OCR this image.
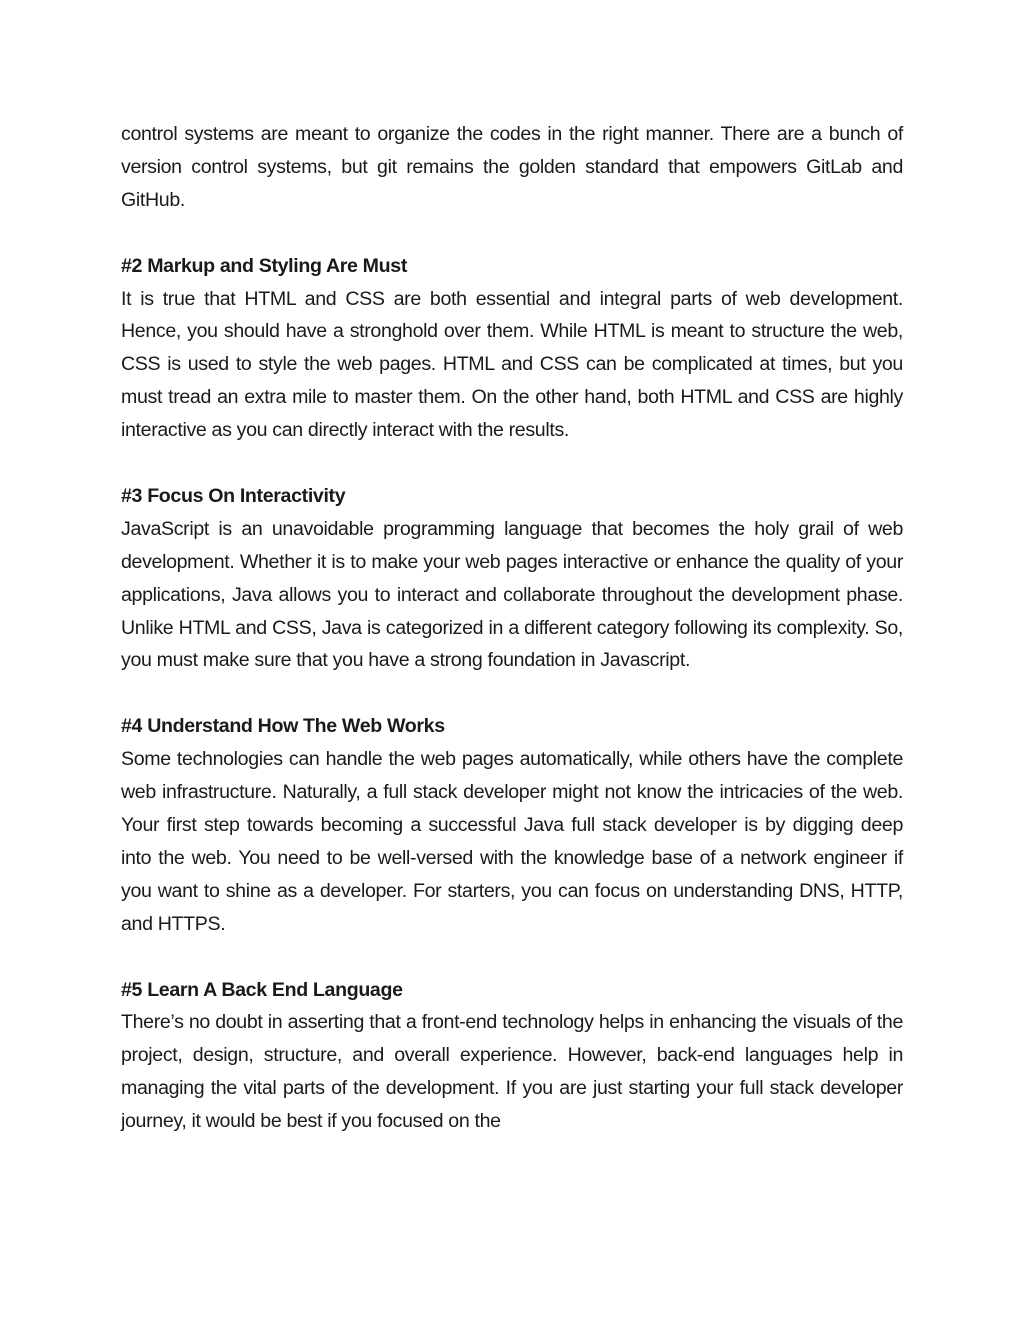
control systems are meant to organize the codes in the right manner. There are a bunch of version control systems, but git remains the golden standard that empowers GitLab and GitHub.

#2 Markup and Styling Are Must

It is true that HTML and CSS are both essential and integral parts of web development. Hence, you should have a stronghold over them. While HTML is meant to structure the web, CSS is used to style the web pages. HTML and CSS can be complicated at times, but you must tread an extra mile to master them. On the other hand, both HTML and CSS are highly interactive as you can directly interact with the results.

#3 Focus On Interactivity

JavaScript is an unavoidable programming language that becomes the holy grail of web development. Whether it is to make your web pages interactive or enhance the quality of your applications, Java allows you to interact and collaborate throughout the development phase. Unlike HTML and CSS, Java is categorized in a different category following its complexity. So, you must make sure that you have a strong foundation in Javascript.

#4 Understand How The Web Works

Some technologies can handle the web pages automatically, while others have the complete web infrastructure. Naturally, a full stack developer might not know the intricacies of the web. Your first step towards becoming a successful Java full stack developer is by digging deep into the web. You need to be well-versed with the knowledge base of a network engineer if you want to shine as a developer. For starters, you can focus on understanding DNS, HTTP, and HTTPS.

#5 Learn A Back End Language

There’s no doubt in asserting that a front-end technology helps in enhancing the visuals of the project, design, structure, and overall experience. However, back-end languages help in managing the vital parts of the development. If you are just starting your full stack developer journey, it would be best if you focused on the
